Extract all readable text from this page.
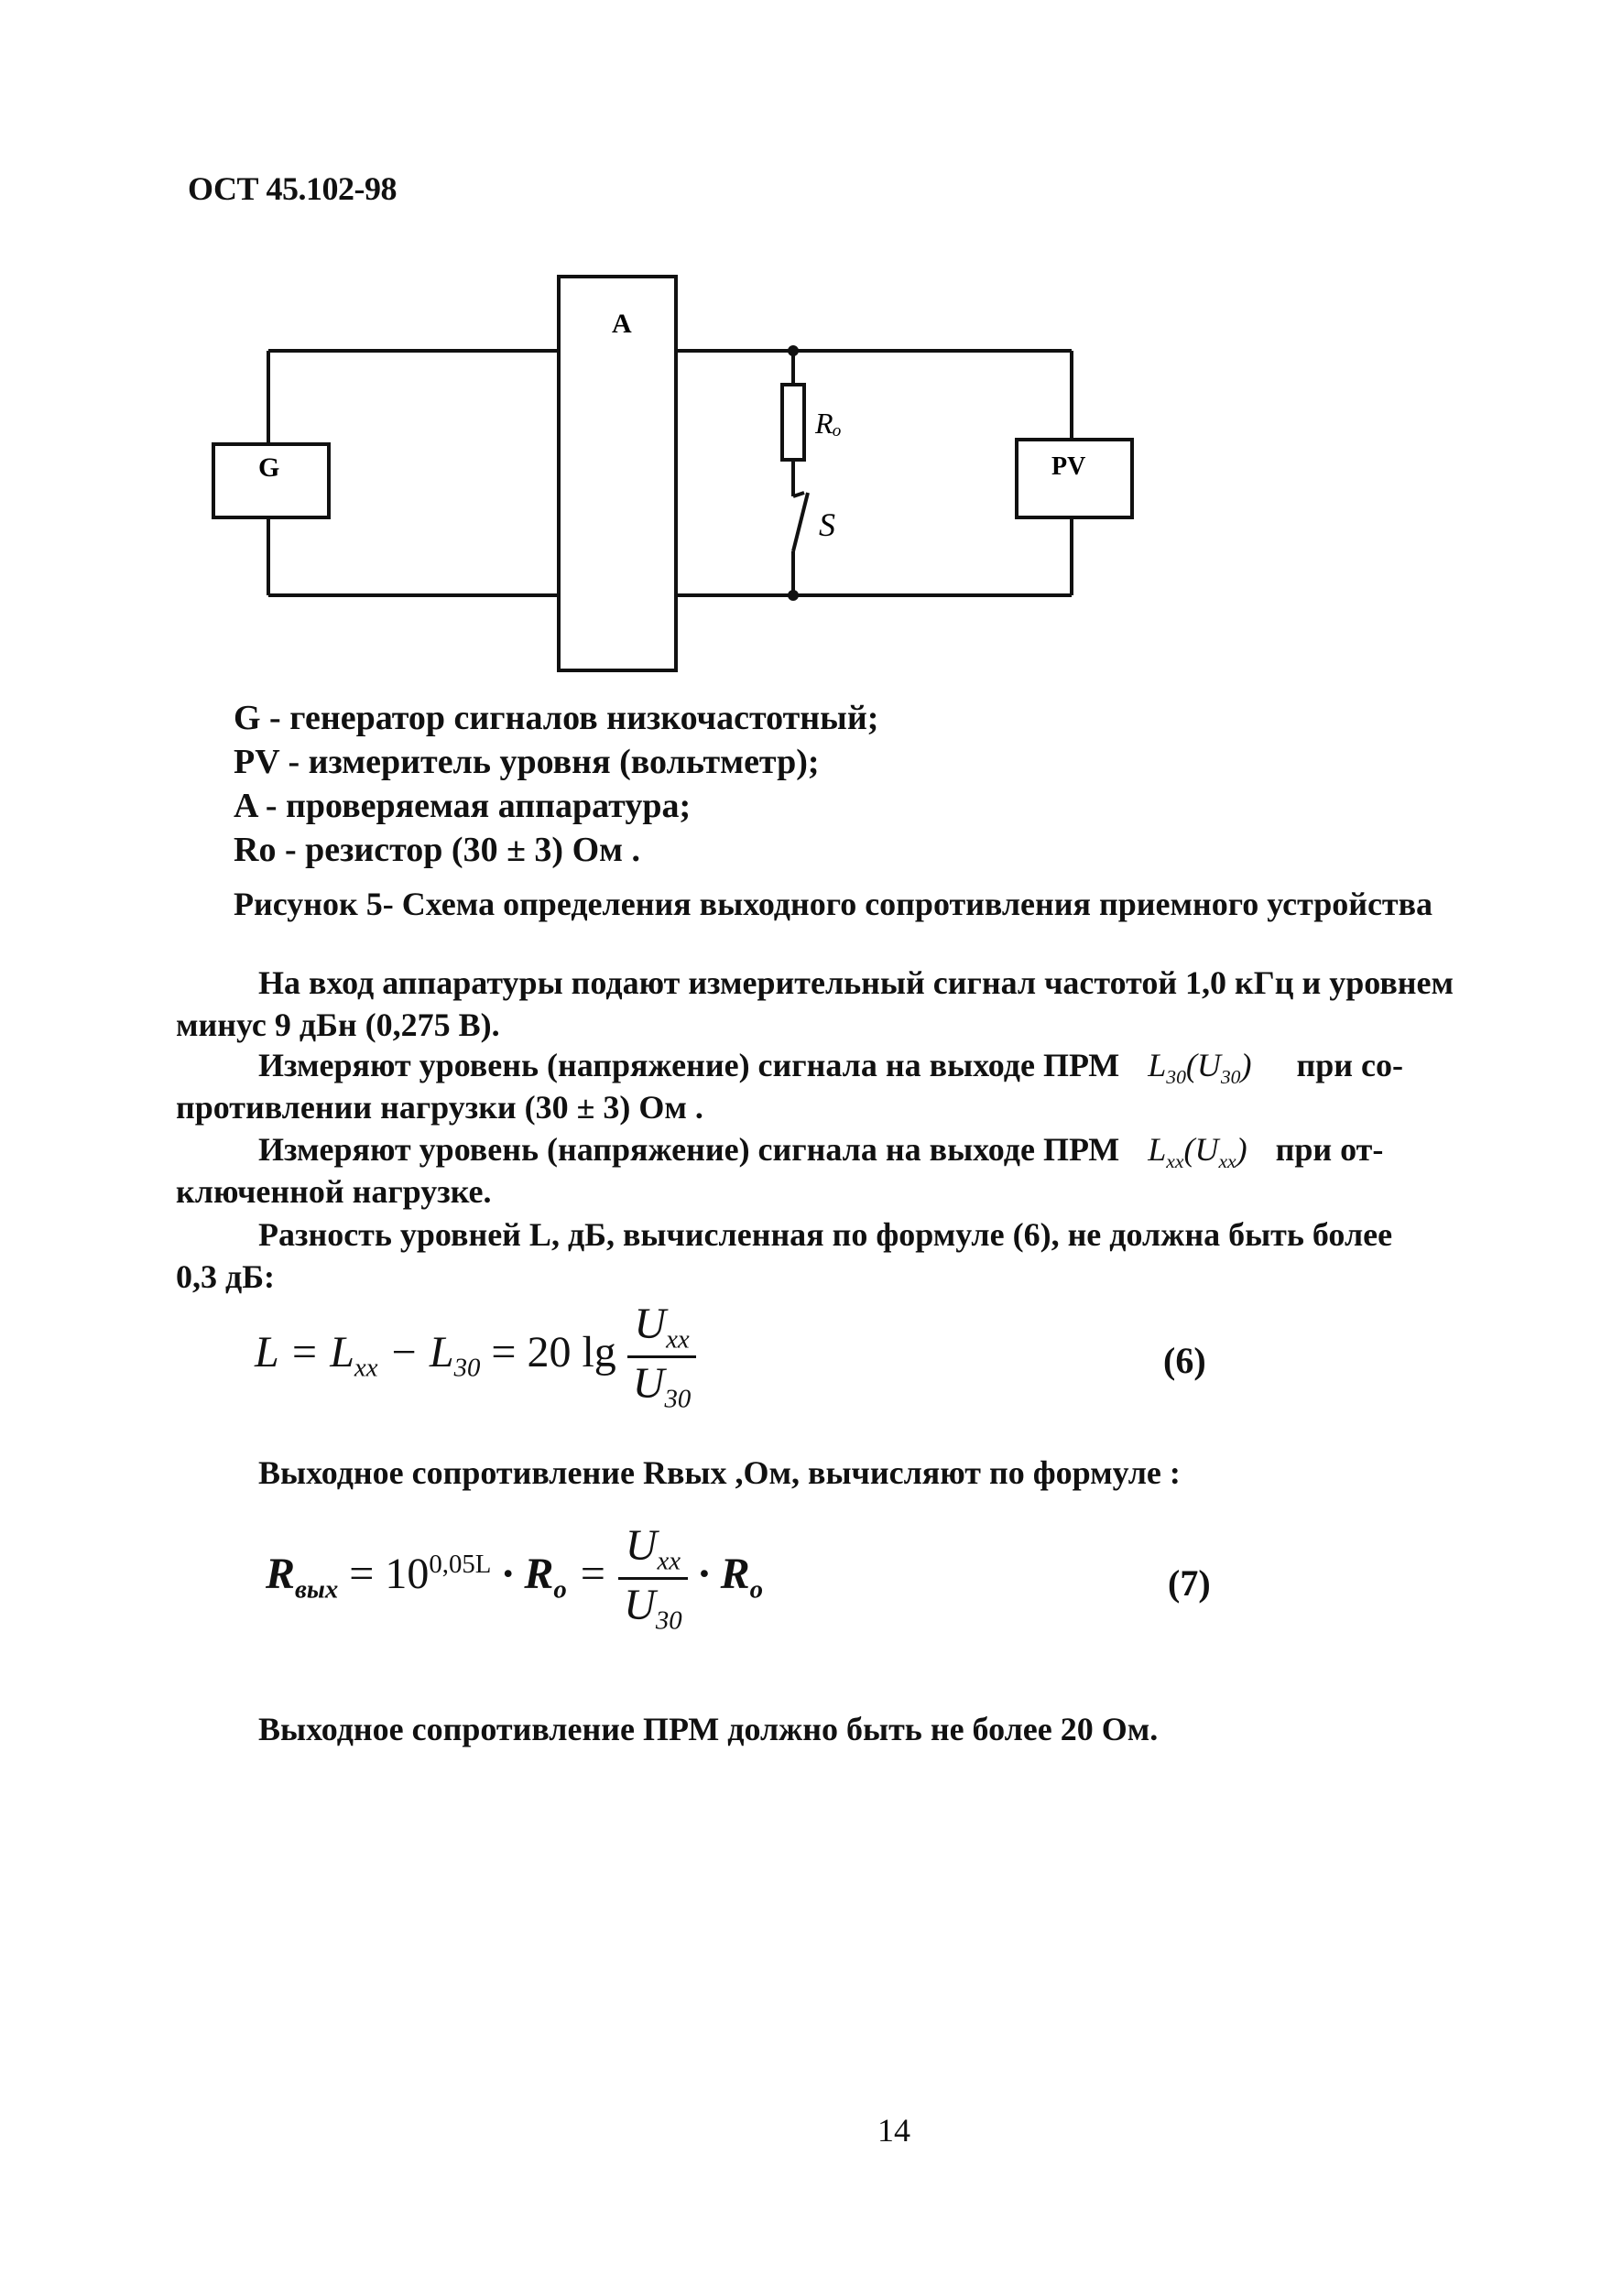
ОСТ 45.102-98
A
G	PV
Rₒ
S
G - генератор сигналов низкочастотный;
PV - измеритель уровня (вольтметр);
A - проверяемая аппаратура;
Ro - резистор (30 ± 3) Ом .
Рисунок 5- Схема определения выходного сопротивления приемного устройства
На вход аппаратуры подают измерительный сигнал частотой 1,0 кГц и уровнем
минус 9 дБн (0,275 В).
Измеряют уровень (напряжение) сигнала на выходе ПРМ $L_{30}(U_{30})$ при со-
противлении нагрузки (30 ± 3) Ом .
Измеряют уровень (напряжение) сигнала на выходе ПРМ $L_{xx}(U_{xx})$ при от-
ключенной нагрузке.
Разность уровней L, дБ, вычисленная по формуле (6), не должна быть более
0,3 дБ:
$L = L_{xx} - L_{30} = 20$ $\lg \frac{U_{xx}}{U_{30}}$	(6)
Выходное сопротивление Rвых ,Ом, вычисляют по формуле :
$R_{вых} = 10^{0,05L} \cdot R_o = \frac{U_{xx}}{U_{30}} \cdot R_o$	(7)
Выходное сопротивление ПРМ должно быть не более 20 Ом.
14
